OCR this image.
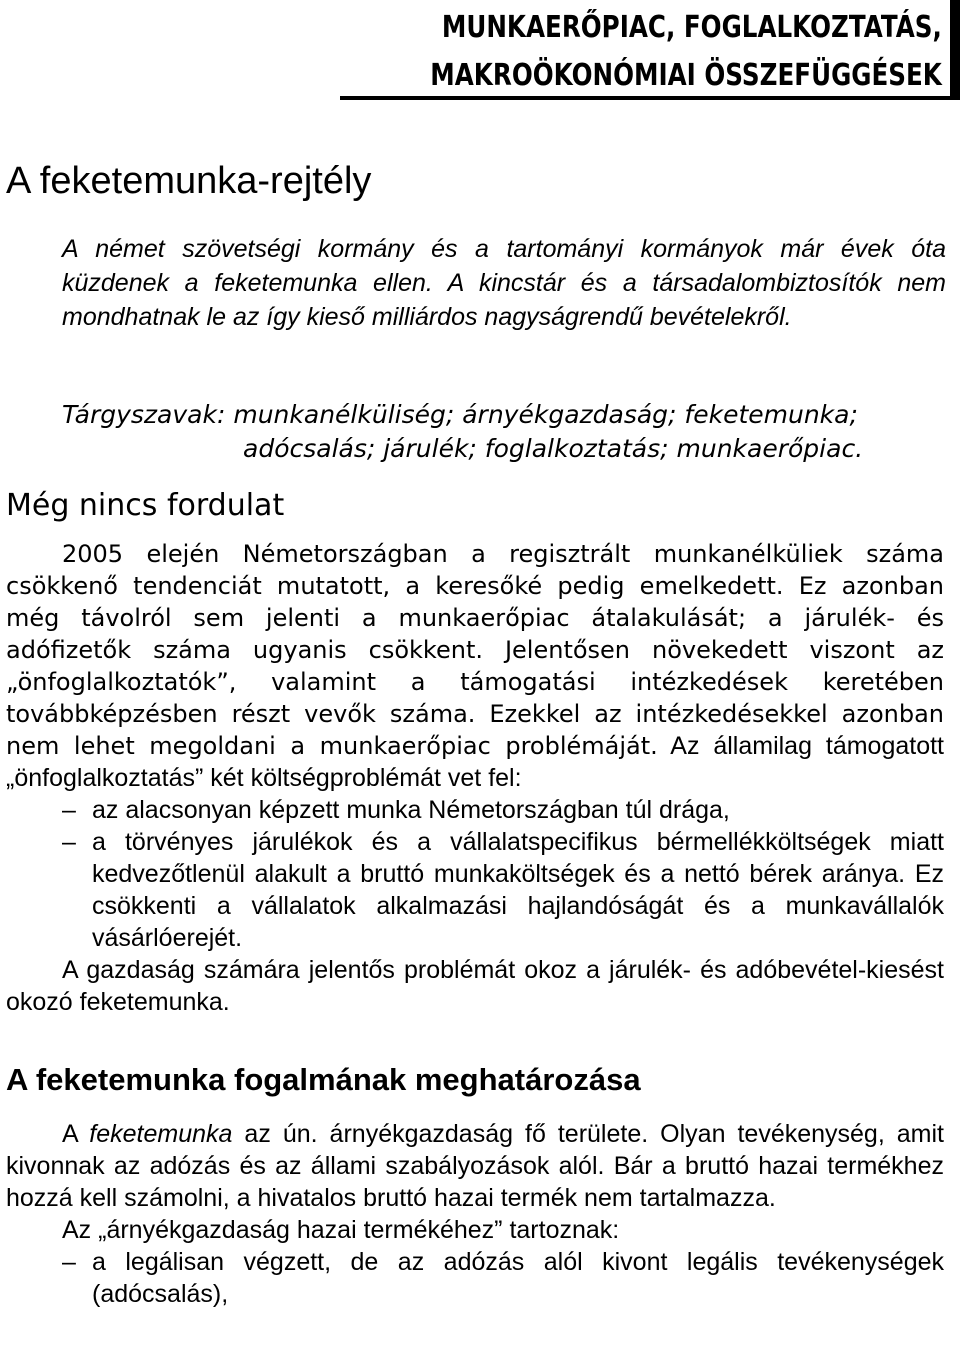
MUNKAERŐPIAC, FOGLALKOZTATÁS,
MAKROÖKONÓMIAI ÖSSZEFÜGGÉSEK
A feketemunka-rejtély

A német szövetségi kormány és a tartományi kormányok már évek óta küzdenek a feketemunka ellen. A kincstár és a társadalombiztosítók nem mondhatnak le az így kieső milliárdos nagyságrendű bevételekről.

Tárgyszavak: munkanélküliség; árnyékgazdaság; feketemunka;
adócsalás; járulék; foglalkoztatás; munkaerőpiac.
Még nincs fordulat

2005 elején Németországban a regisztrált munkanélküliek száma csökkenő tendenciát mutatott, a keresőké pedig emelkedett. Ez azonban még távolról sem jelenti a munkaerőpiac átalakulását; a járulék- és adófizetők száma ugyanis csökkent. Jelentősen növekedett viszont az „önfoglalkoztatók”, valamint a támogatási intézkedések keretében továbbképzésben részt vevők száma. Ezekkel az intézkedésekkel azonban nem lehet megoldani a munkaerőpiac problémáját. Az államilag támogatott „önfoglalkoztatás” két költségproblémát vet fel:

– az alacsonyan képzett munka Németországban túl drága,
– a törvényes járulékok és a vállalatspecifikus bérmellékköltségek miatt kedvezőtlenül alakult a bruttó munkaköltségek és a nettó bérek aránya. Ez csökkenti a vállalatok alkalmazási hajlandóságát és a munkavállalók vásárlóerejét.

A gazdaság számára jelentős problémát okoz a járulék- és adóbevétel-kiesést okozó feketemunka.

A feketemunka fogalmának meghatározása

A feketemunka az ún. árnyékgazdaság fő területe. Olyan tevékenység, amit kivonnak az adózás és az állami szabályozások alól. Bár a bruttó hazai termékhez hozzá kell számolni, a hivatalos bruttó hazai termék nem tartalmazza.

Az „árnyékgazdaság hazai termékéhez” tartoznak:

– a legálisan végzett, de az adózás alól kivont legális tevékenységek (adócsalás),
